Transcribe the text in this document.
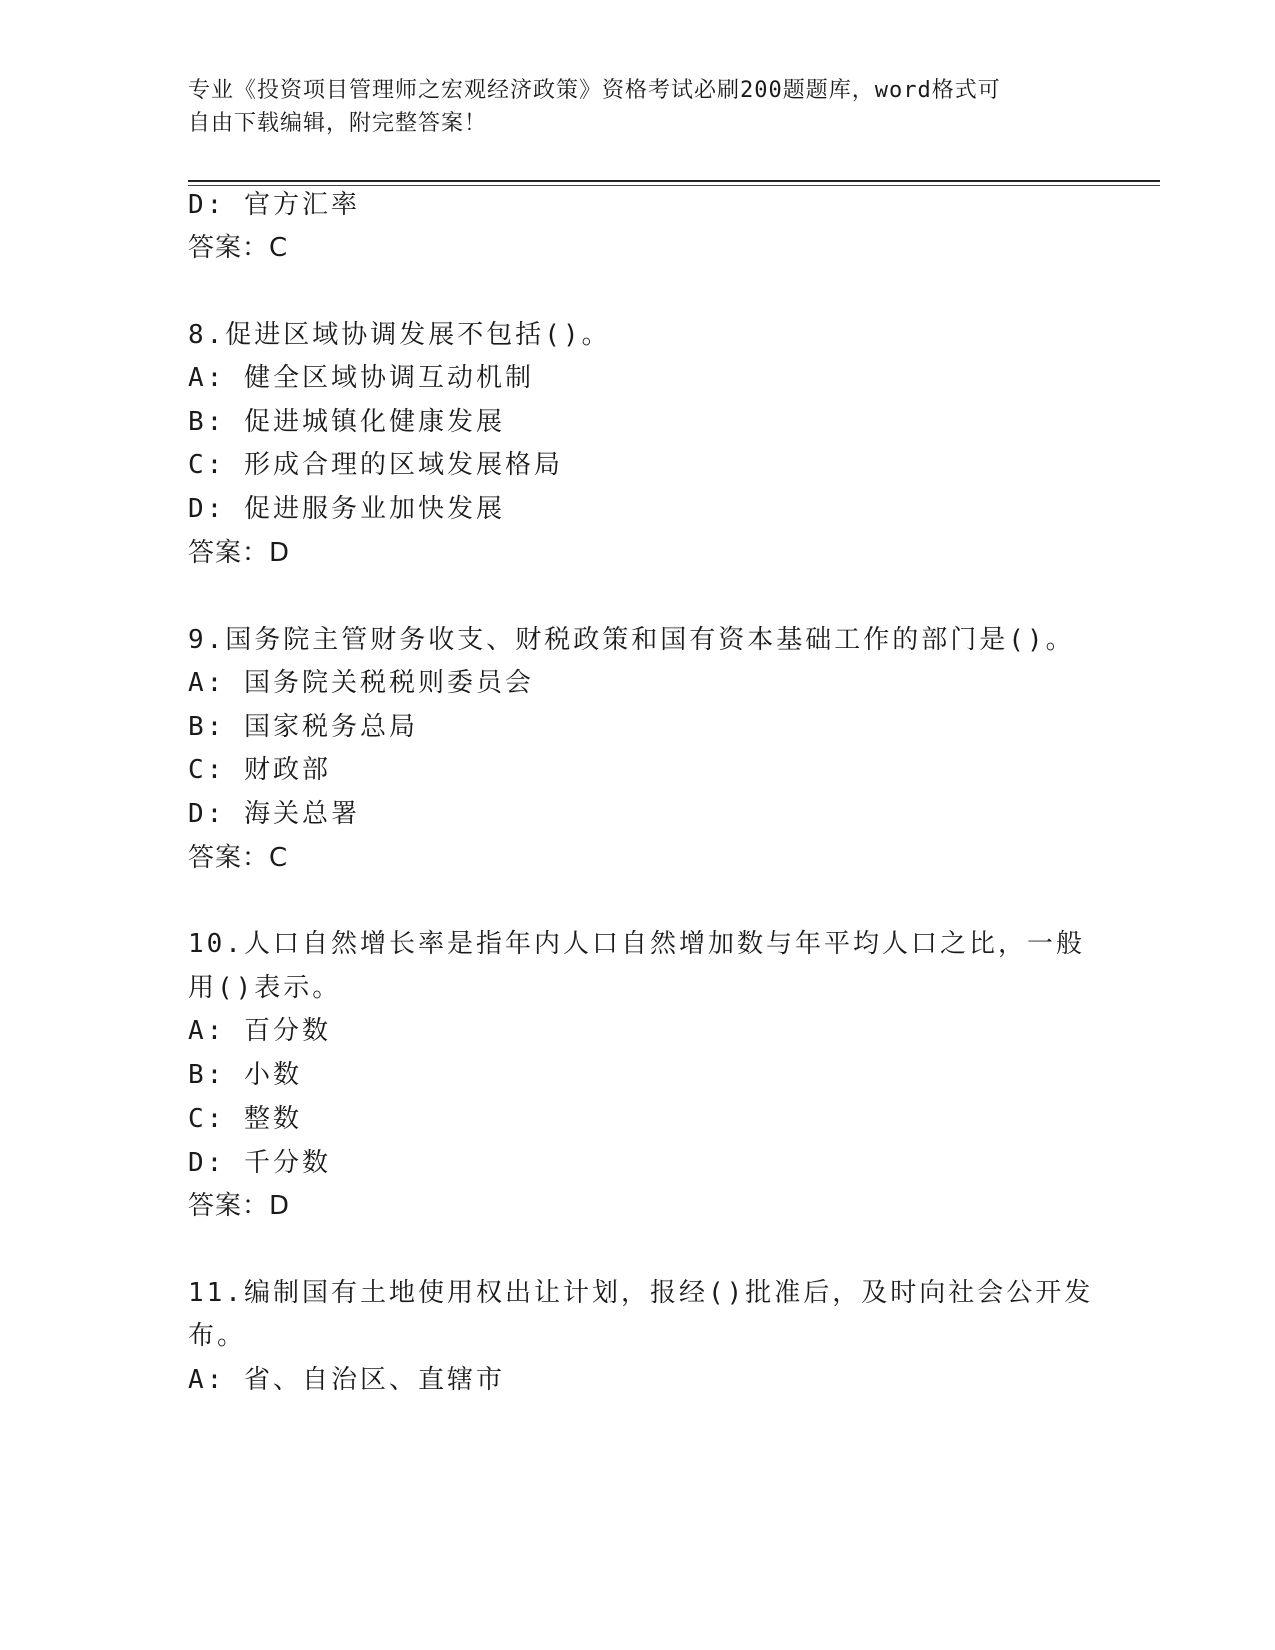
专业《投资项目管理师之宏观经济政策》资格考试必刷200题题库，word格式可
自由下载编辑，附完整答案！
D: 官方汇率
答案：C
8.促进区域协调发展不包括()。
A: 健全区域协调互动机制
B: 促进城镇化健康发展
C: 形成合理的区域发展格局
D: 促进服务业加快发展
答案：D
9.国务院主管财务收支、财税政策和国有资本基础工作的部门是()。
A: 国务院关税税则委员会
B: 国家税务总局
C: 财政部
D: 海关总署
答案：C
10.人口自然增长率是指年内人口自然增加数与年平均人口之比，一般
用()表示。
A: 百分数
B: 小数
C: 整数
D: 千分数
答案：D
11.编制国有土地使用权出让计划，报经()批准后，及时向社会公开发
布。
A: 省、自治区、直辖市
